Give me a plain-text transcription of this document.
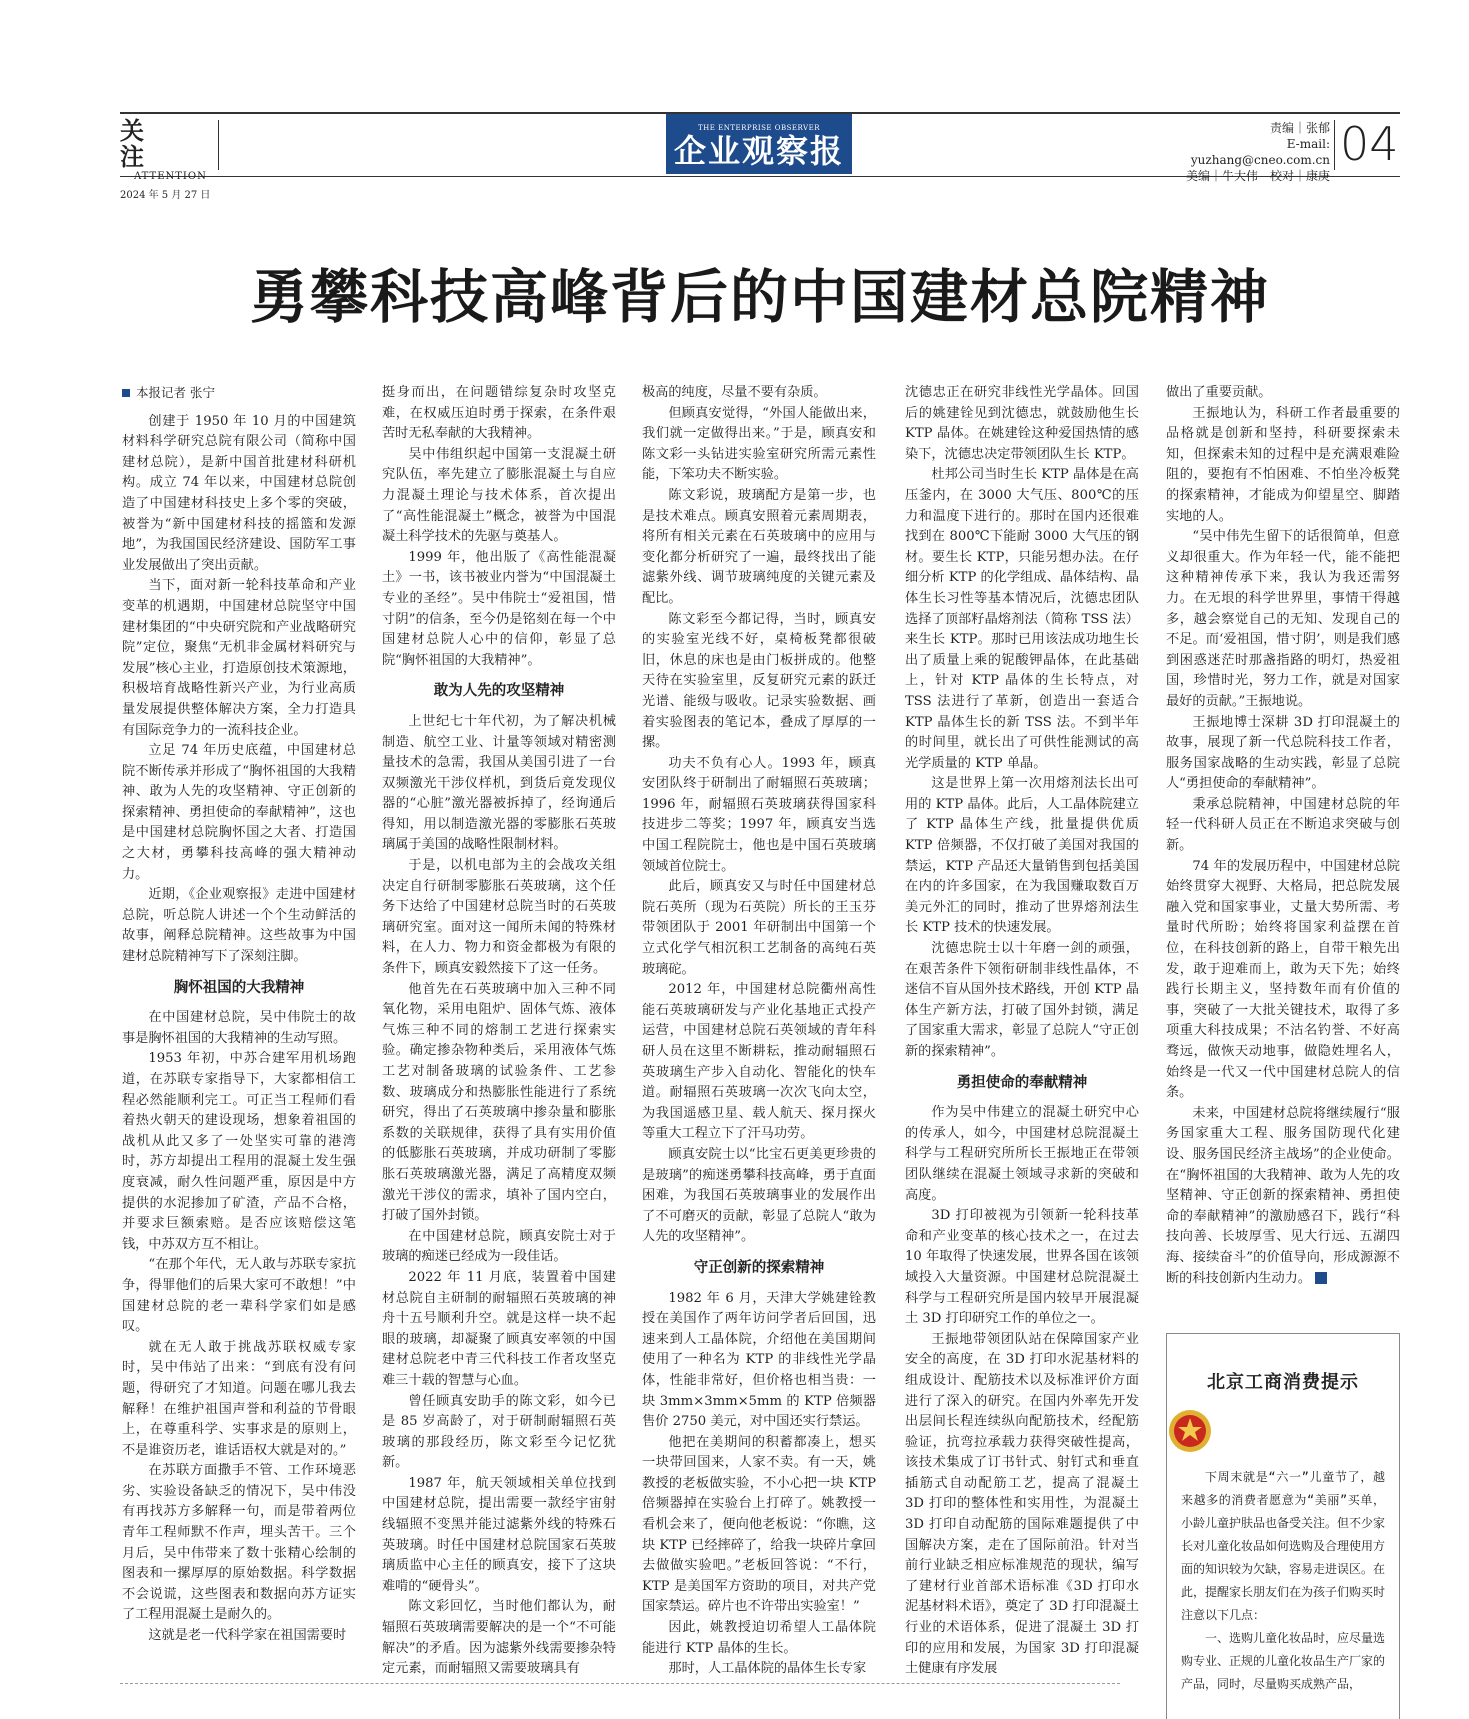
关注
ATTENTION
2024 年 5 月 27 日
THE ENTERPRISE OBSERVER
企业观察报
责编｜张郁
E-mail: yuzhang@cneo.com.cn
美编｜牛大伟　校对｜康庚
04
勇攀科技高峰背后的中国建材总院精神
本报记者 张宁

创建于 1950 年 10 月的中国建筑材料科学研究总院有限公司（简称中国建材总院），是新中国首批建材科研机构。成立 74 年以来，中国建材总院创造了中国建材科技史上多个零的突破，被誉为“新中国建材科技的摇篮和发源地”，为我国国民经济建设、国防军工事业发展做出了突出贡献。

当下，面对新一轮科技革命和产业变革的机遇期，中国建材总院坚守中国建材集团的“中央研究院和产业战略研究院”定位，聚焦“无机非金属材料研究与发展”核心主业，打造原创技术策源地，积极培育战略性新兴产业，为行业高质量发展提供整体解决方案，全力打造具有国际竞争力的一流科技企业。

立足 74 年历史底蕴，中国建材总院不断传承并形成了“胸怀祖国的大我精神、敢为人先的攻坚精神、守正创新的探索精神、勇担使命的奉献精神”，这也是中国建材总院胸怀国之大者、打造国之大材，勇攀科技高峰的强大精神动力。

近期，《企业观察报》走进中国建材总院，听总院人讲述一个个生动鲜活的故事，阐释总院精神。这些故事为中国建材总院精神写下了深刻注脚。

胸怀祖国的大我精神

在中国建材总院，吴中伟院士的故事是胸怀祖国的大我精神的生动写照。

1953 年初，中苏合建军用机场跑道，在苏联专家指导下，大家都相信工程必然能顺利完工。可正当工程师们看着热火朝天的建设现场，想象着祖国的战机从此又多了一处坚实可靠的港湾时，苏方却提出工程用的混凝土发生强度衰减，耐久性问题严重，原因是中方提供的水泥掺加了矿渣，产品不合格，并要求巨额索赔。是否应该赔偿这笔钱，中苏双方互不相让。

“在那个年代，无人敢与苏联专家抗争，得罪他们的后果大家可不敢想！”中国建材总院的老一辈科学家们如是感叹。

就在无人敢于挑战苏联权威专家时，吴中伟站了出来：“到底有没有问题，得研究了才知道。问题在哪儿我去解释！在维护祖国声誉和利益的节骨眼上，在尊重科学、实事求是的原则上，不是谁资历老，谁话语权大就是对的。”

在苏联方面撒手不管、工作环境恶劣、实验设备缺乏的情况下，吴中伟没有再找苏方多解释一句，而是带着两位青年工程师默不作声，埋头苦干。三个月后，吴中伟带来了数十张精心绘制的图表和一摞厚厚的原始数据。科学数据不会说谎，这些图表和数据向苏方证实了工程用混凝土是耐久的。

这就是老一代科学家在祖国需要时

挺身而出，在问题错综复杂时攻坚克难，在权威压迫时勇于探索，在条件艰苦时无私奉献的大我精神。

吴中伟组织起中国第一支混凝土研究队伍，率先建立了膨胀混凝土与自应力混凝土理论与技术体系，首次提出了“高性能混凝土”概念，被誉为中国混凝土科学技术的先驱与奠基人。

1999 年，他出版了《高性能混凝土》一书，该书被业内誉为“中国混凝土专业的圣经”。吴中伟院士“爱祖国，惜寸阴”的信条，至今仍是铭刻在每一个中国建材总院人心中的信仰，彰显了总院“胸怀祖国的大我精神”。

敢为人先的攻坚精神

上世纪七十年代初，为了解决机械制造、航空工业、计量等领域对精密测量技术的急需，我国从美国引进了一台双频激光干涉仪样机，到货后竟发现仪器的“心脏”激光器被拆掉了，经询通后得知，用以制造激光器的零膨胀石英玻璃属于美国的战略性限制材料。

于是，以机电部为主的会战攻关组决定自行研制零膨胀石英玻璃，这个任务下达给了中国建材总院当时的石英玻璃研究室。面对这一闻所未闻的特殊材料，在人力、物力和资金都极为有限的条件下，顾真安毅然接下了这一任务。

他首先在石英玻璃中加入三种不同氧化物，采用电阻炉、固体气炼、液体气炼三种不同的熔制工艺进行探索实验。确定掺杂物种类后，采用液体气炼工艺对制备玻璃的试验条件、工艺参数、玻璃成分和热膨胀性能进行了系统研究，得出了石英玻璃中掺杂量和膨胀系数的关联规律，获得了具有实用价值的低膨胀石英玻璃，并成功研制了零膨胀石英玻璃激光器，满足了高精度双频激光干涉仪的需求，填补了国内空白，打破了国外封锁。

在中国建材总院，顾真安院士对于玻璃的痴迷已经成为一段佳话。

2022 年 11 月底，装置着中国建材总院自主研制的耐辐照石英玻璃的神舟十五号顺利升空。就是这样一块不起眼的玻璃，却凝聚了顾真安率领的中国建材总院老中青三代科技工作者攻坚克难三十载的智慧与心血。

曾任顾真安助手的陈文彩，如今已是 85 岁高龄了，对于研制耐辐照石英玻璃的那段经历，陈文彩至今记忆犹新。

1987 年，航天领域相关单位找到中国建材总院，提出需要一款经宇宙射线辐照不变黑并能过滤紫外线的特殊石英玻璃。时任中国建材总院国家石英玻璃质监中心主任的顾真安，接下了这块难啃的“硬骨头”。

陈文彩回忆，当时他们都认为，耐辐照石英玻璃需要解决的是一个“不可能解决”的矛盾。因为滤紫外线需要掺杂特定元素，而耐辐照又需要玻璃具有

极高的纯度，尽量不要有杂质。

但顾真安觉得，“外国人能做出来，我们就一定做得出来。”于是，顾真安和陈文彩一头钻进实验室研究所需元素性能，下笨功夫不断实验。

陈文彩说，玻璃配方是第一步，也是技术难点。顾真安照着元素周期表，将所有相关元素在石英玻璃中的应用与变化都分析研究了一遍，最终找出了能滤紫外线、调节玻璃纯度的关键元素及配比。

陈文彩至今都记得，当时，顾真安的实验室光线不好，桌椅板凳都很破旧，休息的床也是由门板拼成的。他整天待在实验室里，反复研究元素的跃迁光谱、能级与吸收。记录实验数据、画着实验图表的笔记本，叠成了厚厚的一摞。

功夫不负有心人。1993 年，顾真安团队终于研制出了耐辐照石英玻璃；1996 年，耐辐照石英玻璃获得国家科技进步二等奖；1997 年，顾真安当选中国工程院院士，他也是中国石英玻璃领域首位院士。

此后，顾真安又与时任中国建材总院石英所（现为石英院）所长的王玉芬带领团队于 2001 年研制出中国第一个立式化学气相沉积工艺制备的高纯石英玻璃砣。

2012 年，中国建材总院衢州高性能石英玻璃研发与产业化基地正式投产运营，中国建材总院石英领域的青年科研人员在这里不断耕耘，推动耐辐照石英玻璃生产步入自动化、智能化的快车道。耐辐照石英玻璃一次次飞向太空，为我国遥感卫星、载人航天、探月探火等重大工程立下了汗马功劳。

顾真安院士以“比宝石更美更珍贵的是玻璃”的痴迷勇攀科技高峰，勇于直面困难，为我国石英玻璃事业的发展作出了不可磨灭的贡献，彰显了总院人“敢为人先的攻坚精神”。

守正创新的探索精神

1982 年 6 月，天津大学姚建铨教授在美国作了两年访问学者后回国，迅速来到人工晶体院，介绍他在美国期间使用了一种名为 KTP 的非线性光学晶体，性能非常好，但价格也相当贵：一块 3mm×3mm×5mm 的 KTP 倍频器售价 2750 美元，对中国还实行禁运。

他把在美期间的积蓄都凑上，想买一块带回国来，人家不卖。有一天，姚教授的老板做实验，不小心把一块 KTP 倍频器掉在实验台上打碎了。姚教授一看机会来了，便向他老板说：“你瞧，这块 KTP 已经摔碎了，给我一块碎片拿回去做做实验吧。”老板回答说：“不行，KTP 是美国军方资助的项目，对共产党国家禁运。碎片也不许带出实验室！”

因此，姚教授迫切希望人工晶体院能进行 KTP 晶体的生长。

那时，人工晶体院的晶体生长专家

沈德忠正在研究非线性光学晶体。回国后的姚建铨见到沈德忠，就鼓励他生长 KTP 晶体。在姚建铨这种爱国热情的感染下，沈德忠决定带领团队生长 KTP。

杜邦公司当时生长 KTP 晶体是在高压釜内，在 3000 大气压、800℃的压力和温度下进行的。那时在国内还很难找到在 800℃下能耐 3000 大气压的钢材。要生长 KTP，只能另想办法。在仔细分析 KTP 的化学组成、晶体结构、晶体生长习性等基本情况后，沈德忠团队选择了顶部籽晶熔剂法（简称 TSS 法）来生长 KTP。那时已用该法成功地生长出了质量上乘的铌酸钾晶体，在此基础上，针对 KTP 晶体的生长特点，对 TSS 法进行了革新，创造出一套适合 KTP 晶体生长的新 TSS 法。不到半年的时间里，就长出了可供性能测试的高光学质量的 KTP 单晶。

这是世界上第一次用熔剂法长出可用的 KTP 晶体。此后，人工晶体院建立了 KTP 晶体生产线，批量提供优质 KTP 倍频器，不仅打破了美国对我国的禁运，KTP 产品还大量销售到包括美国在内的许多国家，在为我国赚取数百万美元外汇的同时，推动了世界熔剂法生长 KTP 技术的快速发展。

沈德忠院士以十年磨一剑的顽强，在艰苦条件下领衔研制非线性晶体，不迷信不盲从国外技术路线，开创 KTP 晶体生产新方法，打破了国外封锁，满足了国家重大需求，彰显了总院人“守正创新的探索精神”。

勇担使命的奉献精神

作为吴中伟建立的混凝土研究中心的传承人，如今，中国建材总院混凝土科学与工程研究所所长王振地正在带领团队继续在混凝土领域寻求新的突破和高度。

3D 打印被视为引领新一轮科技革命和产业变革的核心技术之一，在过去 10 年取得了快速发展，世界各国在该领域投入大量资源。中国建材总院混凝土科学与工程研究所是国内较早开展混凝土 3D 打印研究工作的单位之一。

王振地带领团队站在保障国家产业安全的高度，在 3D 打印水泥基材料的组成设计、配筋技术以及标准评价方面进行了深入的研究。在国内外率先开发出层间长程连续纵向配筋技术，经配筋验证，抗弯拉承载力获得突破性提高，该技术集成了订书针式、射钉式和垂直插筋式自动配筋工艺，提高了混凝土 3D 打印的整体性和实用性，为混凝土 3D 打印自动配筋的国际难题提供了中国解决方案，走在了国际前沿。针对当前行业缺乏相应标准规范的现状，编写了建材行业首部术语标准《3D 打印水泥基材料术语》，奠定了 3D 打印混凝土行业的术语体系，促进了混凝土 3D 打印的应用和发展，为国家 3D 打印混凝土健康有序发展

做出了重要贡献。

王振地认为，科研工作者最重要的品格就是创新和坚持，科研要探索未知，但探索未知的过程中是充满艰难险阻的，要抱有不怕困难、不怕坐冷板凳的探索精神，才能成为仰望星空、脚踏实地的人。

“吴中伟先生留下的话很简单，但意义却很重大。作为年轻一代，能不能把这种精神传承下来，我认为我还需努力。在无垠的科学世界里，事情干得越多，越会察觉自己的无知、发现自己的不足。而‘爱祖国，惜寸阴’，则是我们感到困惑迷茫时那盏指路的明灯，热爱祖国，珍惜时光，努力工作，就是对国家最好的贡献。”王振地说。

王振地博士深耕 3D 打印混凝土的故事，展现了新一代总院科技工作者，服务国家战略的生动实践，彰显了总院人“勇担使命的奉献精神”。

秉承总院精神，中国建材总院的年轻一代科研人员正在不断追求突破与创新。

74 年的发展历程中，中国建材总院始终贯穿大视野、大格局，把总院发展融入党和国家事业，丈量大势所需、考量时代所盼；始终将国家利益摆在首位，在科技创新的路上，自带干粮先出发，敢于迎难而上，敢为天下先；始终践行长期主义，坚持数年而有价值的事，突破了一大批关键技术，取得了多项重大科技成果；不沽名钓誉、不好高骛远，做恢天动地事，做隐姓埋名人，始终是一代又一代中国建材总院人的信条。

未来，中国建材总院将继续履行“服务国家重大工程、服务国防现代化建设、服务国民经济主战场”的企业使命。在“胸怀祖国的大我精神、敢为人先的攻坚精神、守正创新的探索精神、勇担使命的奉献精神”的激励感召下，践行“科技向善、长坡厚雪、见大行远、五湖四海、接续奋斗”的价值导向，形成源源不断的科技创新内生动力。	E

北京工商消费提示

下周末就是“六一”儿童节了，越来越多的消费者愿意为“美丽”买单，小龄儿童护肤品也备受关注。但不少家长对儿童化妆品如何选购及合理使用方面的知识较为欠缺，容易走进误区。在此，提醒家长朋友们在为孩子们购买时注意以下几点：

一、选购儿童化妆品时，应尽量选购专业、正规的儿童化妆品生产厂家的产品，同时，尽量购买成熟产品，
